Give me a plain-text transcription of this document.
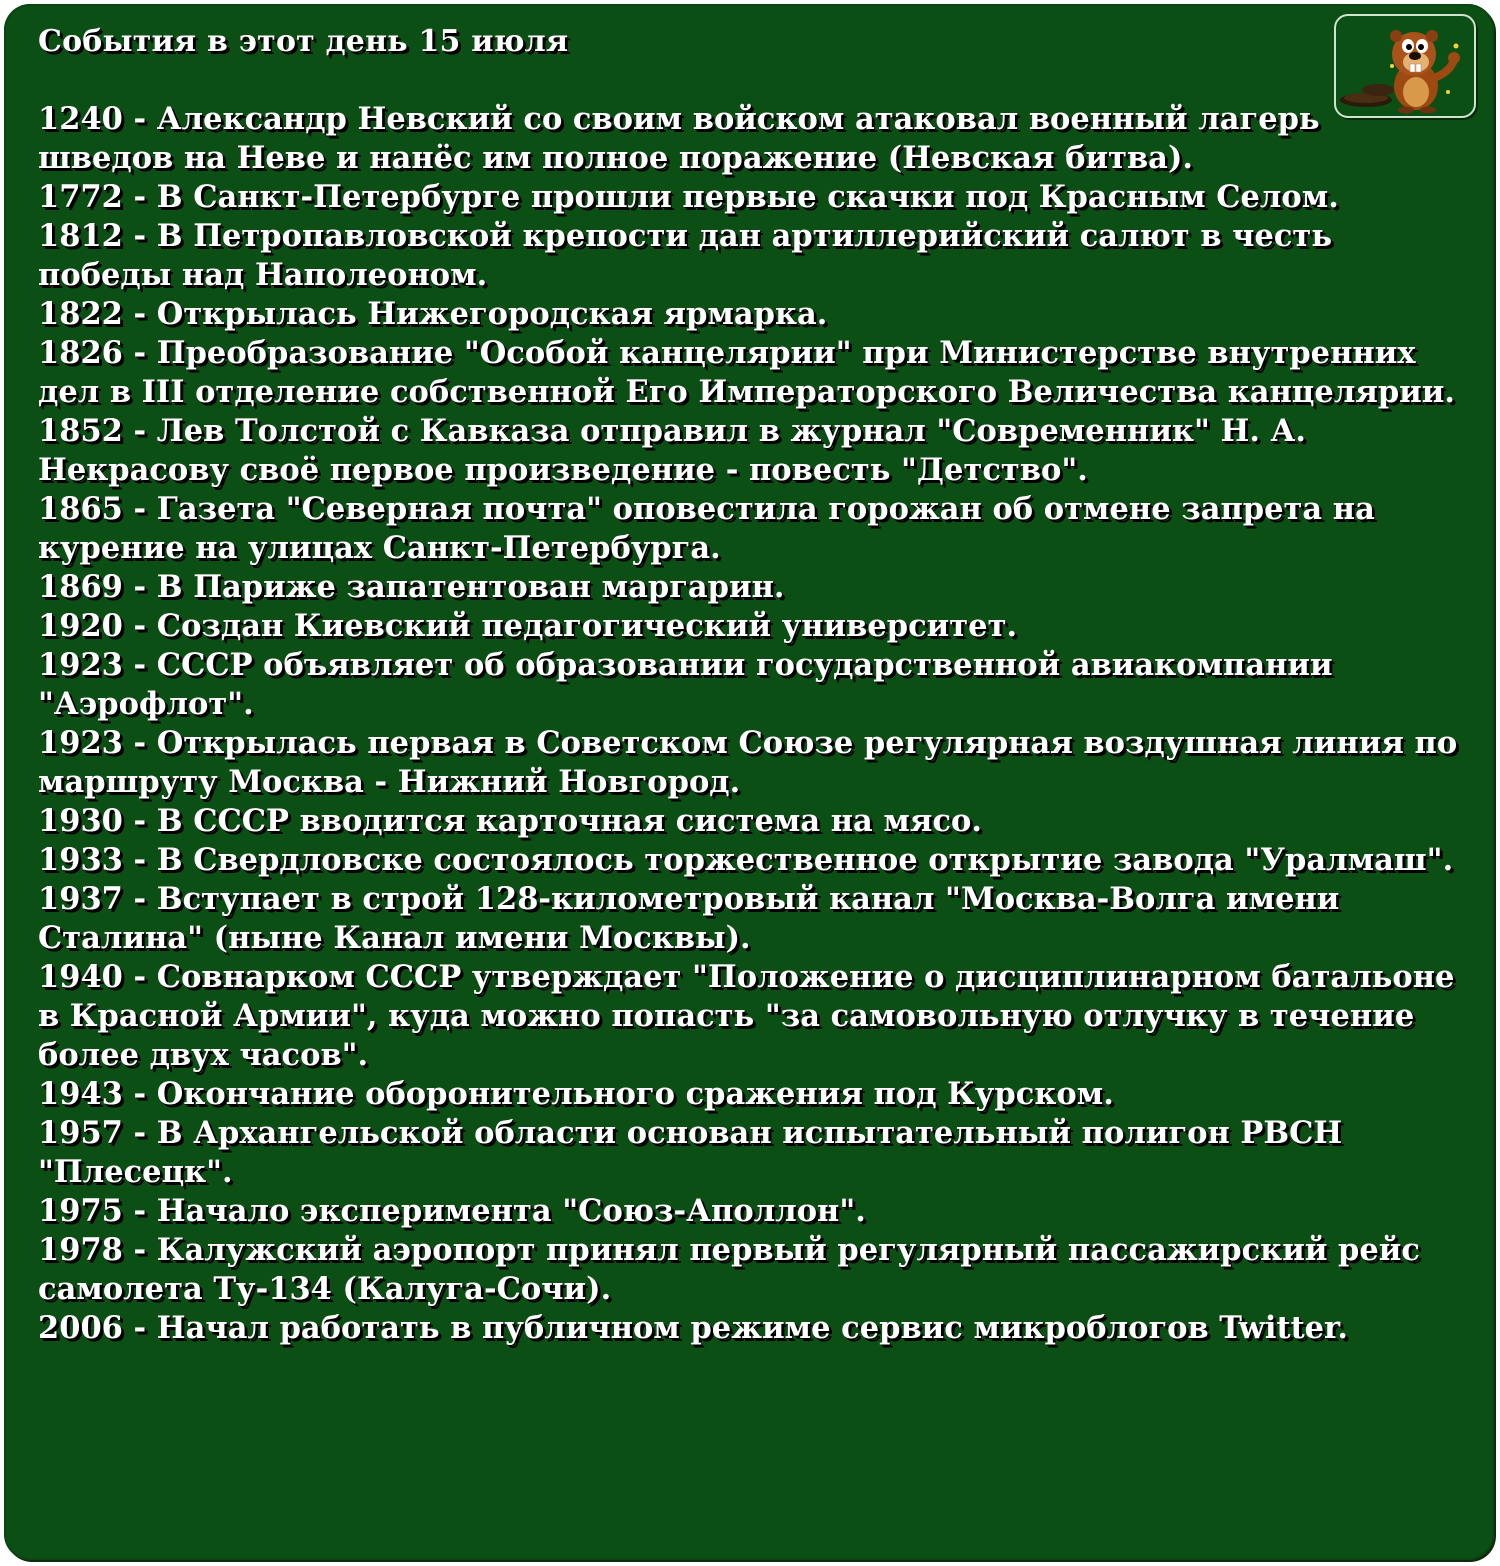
События в этот день 15 июля
1240 - Александр Невский со своим войском атаковал военный лагерь шведов на Неве и нанёс им полное поражение (Невская битва).
1772 - В Санкт-Петербурге прошли первые скачки под Красным Селом.
1812 - В Петропавловской крепости дан артиллерийский салют в честь победы над Наполеоном.
1822 - Открылась Нижегородская ярмарка.
1826 - Преобразование "Особой канцелярии" при Министерстве внутренних дел в III отделение собственной Его Императорского Величества канцелярии.
1852 - Лев Толстой с Кавказа отправил в журнал "Современник" Н. А. Некрасову своё первое произведение - повесть "Детство".
1865 - Газета "Северная почта" оповестила горожан об отмене запрета на курение на улицах Санкт-Петербурга.
1869 - В Париже запатентован маргарин.
1920 - Создан Киевский педагогический университет.
1923 - СССР объявляет об образовании государственной авиакомпании "Аэрофлот".
1923 - Открылась первая в Советском Союзе регулярная воздушная линия по маршруту Москва - Нижний Новгород.
1930 - В СССР вводится карточная система на мясо.
1933 - В Свердловске состоялось торжественное открытие завода "Уралмаш".
1937 - Вступает в строй 128-километровый канал "Москва-Волга имени Сталина" (ныне Канал имени Москвы).
1940 - Совнарком СССР утверждает "Положение о дисциплинарном батальоне в Красной Армии", куда можно попасть "за самовольную отлучку в течение более двух часов".
1943 - Окончание оборонительного сражения под Курском.
1957 - В Архангельской области основан испытательный полигон РВСН "Плесецк".
1975 - Начало эксперимента "Союз-Аполлон".
1978 - Калужский аэропорт принял первый регулярный пассажирский рейс самолета Ту-134 (Калуга-Сочи).
2006 - Начал работать в публичном режиме сервис микроблогов Twitter.
